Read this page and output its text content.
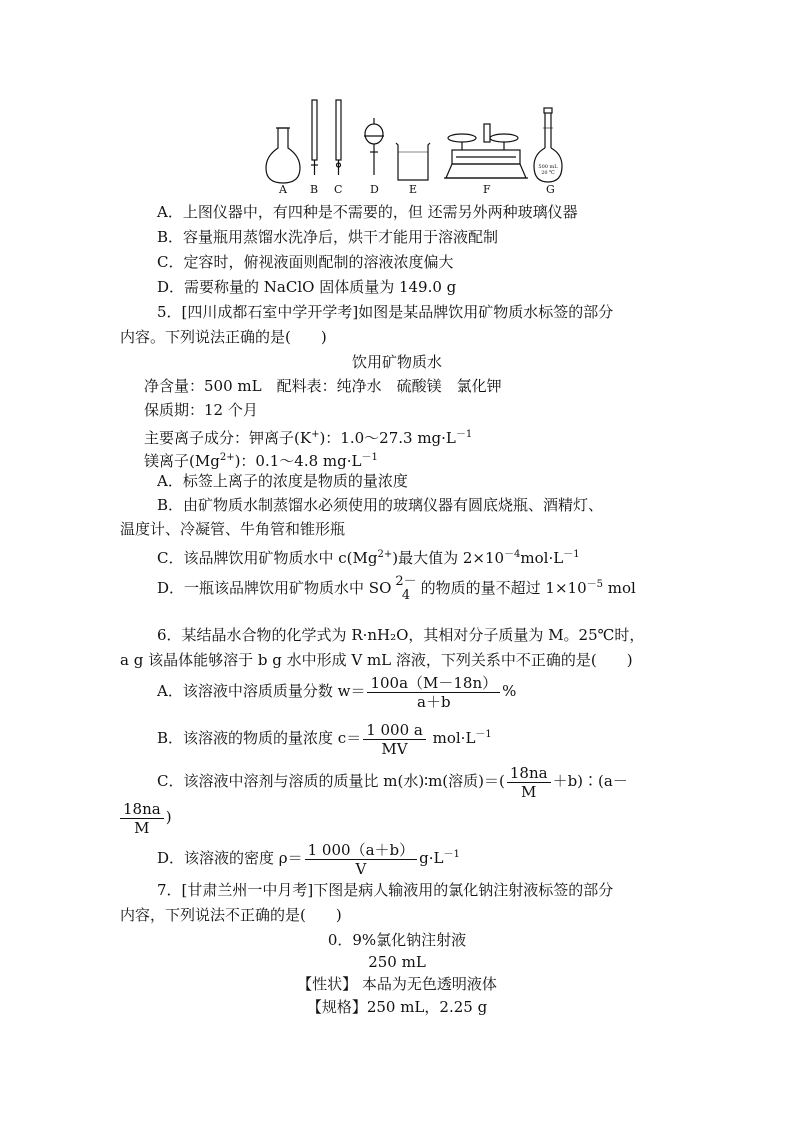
A B C	D	E	F	G
500 mL
20 ℃
A．上图仪器中，有四种是不需要的，但 还需另外两种玻璃仪器
B．容量瓶用蒸馏水洗净后，烘干才能用于溶液配制
C．定容时，俯视液面则配制的溶液浓度偏大
D．需要称量的 NaClO 固体质量为 149.0 g
5．[四川成都石室中学开学考]如图是某品牌饮用矿物质水标签的部分
内容。下列说法正确的是(　　)
饮用矿物质水
净含量：500 mL　配料表：纯净水　硫酸镁　氯化钾
保质期：12 个月
主要离子成分：钾离子(K+)：1.0～27.3 $mg\cdot L^{-1}$
镁离子$(Mg^{2+})$：0.1～4.8 $mg\cdot L^{-1}$
A．标签上离子的浓度是物质的量浓度
B．由矿物质水制蒸馏水必须使用的玻璃仪器有圆底烧瓶、酒精灯、
温度计、冷凝管、牛角管和锥形瓶
C．该品牌饮用矿物质水中 $c(Mg^{2+})$最大值为 $2\times 10^{-4}mol\cdot L^{-1}$
D．一瓶该品牌饮用矿物质水中 SO 2－
4 的物质的量不超过 $1\times 10^{-5}$ mol
6．某结晶水合物的化学式为 R·nH₂O，其相对分子质量为 M。25℃时，
a g 该晶体能够溶于 b g 水中形成 V mL 溶液，下列关系中不正确的是(　　)
A．该溶液中溶质质量分数 $w= \frac{100a(M-18n)}{a+b}$ %
B．该溶液的物质的量浓度 $c= \frac{1 000 a}{MV} mol\cdot L^{-1}$
C．该溶液中溶剂与溶质的质量比 m(水)∶m(溶质)＝( $\frac{18na}{M}$ ＋b)∶(a－
$\frac{18na}{M}$ )
D．该溶液的密度 $\rho= \frac{1 000(a+b)}{V} g\cdot L^{-1}$
7．[甘肃兰州一中月考]下图是病人输液用的氯化钠注射液标签的部分
内容，下列说法不正确的是(　　)
0．9%氯化钠注射液
250 mL
【性状】 本品为无色透明液体
【规格】250 mL，2.25 g
